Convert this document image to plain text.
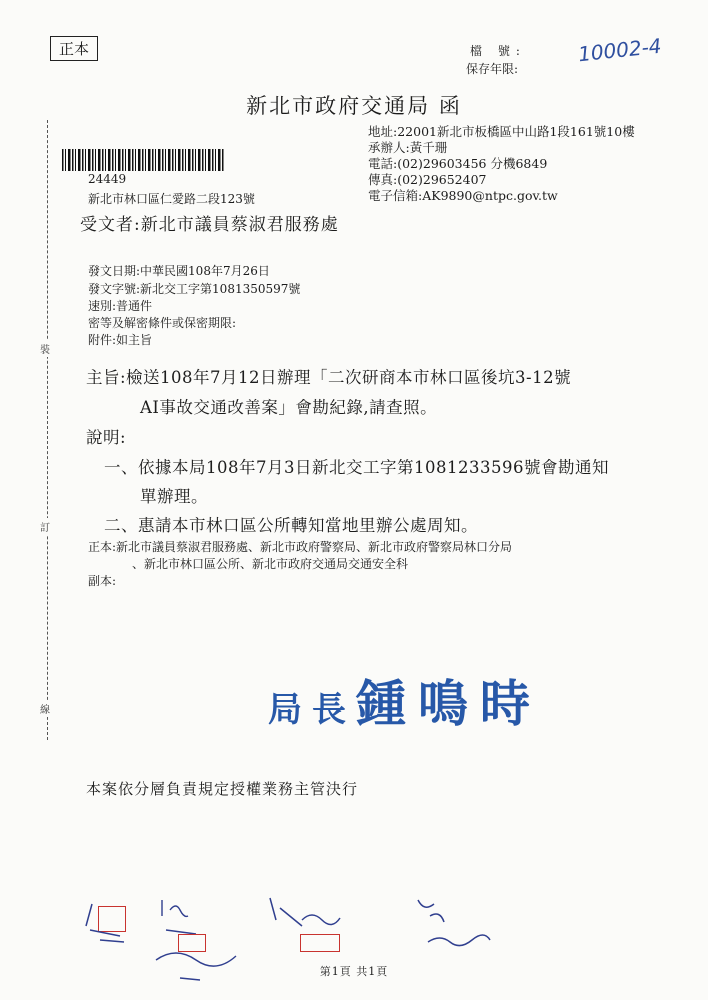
裝
訂
線
正本	檔 號:
保存年限:
10002-4
新北市政府交通局 函
地址:22001新北市板橋區中山路1段161號10樓
承辦人:黃千珊
電話:(02)29603456 分機6849
傳真:(02)29652407
電子信箱:AK9890@ntpc.gov.tw
24449
新北市林口區仁愛路二段123號
受文者:新北市議員蔡淑君服務處
發文日期:中華民國108年7月26日
發文字號:新北交工字第1081350597號
速別:普通件
密等及解密條件或保密期限:
附件:如主旨
主旨:檢送108年7月12日辦理「二次研商本市林口區後坑3-12號
AI事故交通改善案」會勘紀錄,請查照。
說明:
一、依據本局108年7月3日新北交工字第1081233596號會勘通知
單辦理。
二、惠請本市林口區公所轉知當地里辦公處周知。
正本:新北市議員蔡淑君服務處、新北市政府警察局、新北市政府警察局林口分局
、新北市林口區公所、新北市政府交通局交通安全科
副本:
局長鍾鳴時
本案依分層負責規定授權業務主管決行
第1頁 共1頁
